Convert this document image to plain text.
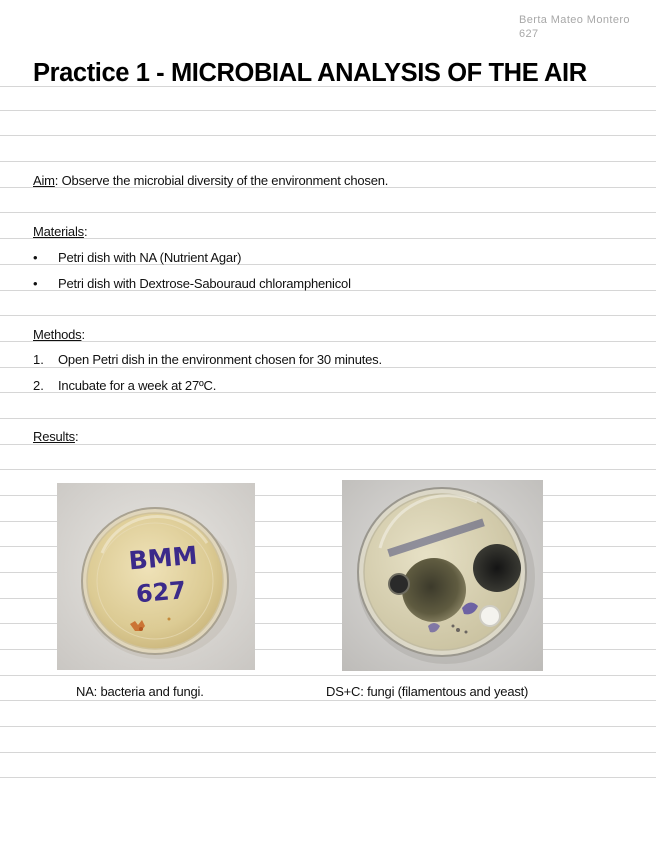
Berta Mateo Montero
627
Practice 1 - MICROBIAL ANALYSIS OF THE AIR
Aim: Observe the microbial diversity of the environment chosen.
Materials:
• Petri dish with NA (Nutrient Agar)
• Petri dish with Dextrose-Sabouraud chloramphenicol
Methods:
1. Open Petri dish in the environment chosen for 30 minutes.
2. Incubate for a week at 27ºC.
Results:
BMM
627
NA: bacteria and fungi.	DS+C: fungi (filamentous and yeast)
